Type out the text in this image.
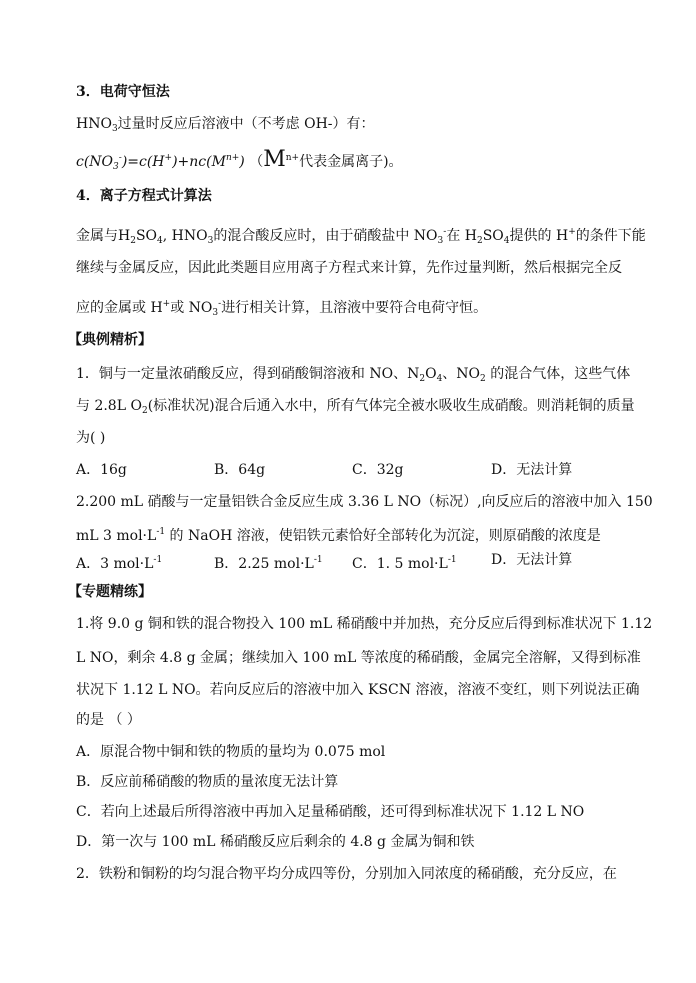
3．电荷守恒法
$HNO_3$过量时反应后溶液中（不考虑 OH-）有：
$c(NO_3^-)=c(H^+)+nc(M^{n+})$ （$M^{n+}$代表金属离子)。
4．离子方程式计算法
金属与$H_2SO_4$, $HNO_3$的混合酸反应时，由于硝酸盐中 $NO_3^-$在 $H_2SO_4$提供的 H+的条件下能
继续与金属反应，因此此类题目应用离子方程式来计算，先作过量判断，然后根据完全反
应的金属或 H+或 $NO_3^-$进行相关计算，且溶液中要符合电荷守恒。
【典例精析】
1．铜与一定量浓硝酸反应，得到硝酸铜溶液和 NO、$N_2O_4$、$NO_2$ 的混合气体，这些气体
与 2.8L $O_2$(标准状况)混合后通入水中，所有气体完全被水吸收生成硝酸。则消耗铜的质量
为( )
A．16g	B．64g	C．32g	D．无法计算
2.200 mL 硝酸与一定量铝铁合金反应生成 3.36 L NO（标况）,向反应后的溶液中加入 150
mL 3 $mol\cdot L^{-1}$ 的 NaOH 溶液，使铝铁元素恰好全部转化为沉淀，则原硝酸的浓度是
A．3 $mol\cdot L^{-1}$	B．2.25 $mol\cdot L^{-1}$ C．1. 5 $mol\cdot L^{-1}$ D．无法计算
【专题精练】
1.将 9.0 g 铜和铁的混合物投入 100 mL 稀硝酸中并加热，充分反应后得到标准状况下 1.12
L NO，剩余 4.8 g 金属；继续加入 100 mL 等浓度的稀硝酸，金属完全溶解，又得到标准
状况下 1.12 L NO。若向反应后的溶液中加入 KSCN 溶液，溶液不变红，则下列说法正确
的是 （ ）
A．原混合物中铜和铁的物质的量均为 0.075 mol
B．反应前稀硝酸的物质的量浓度无法计算
C．若向上述最后所得溶液中再加入足量稀硝酸，还可得到标准状况下 1.12 L NO
D．第一次与 100 mL 稀硝酸反应后剩余的 4.8 g 金属为铜和铁
2．铁粉和铜粉的均匀混合物平均分成四等份，分别加入同浓度的稀硝酸，充分反应，在
